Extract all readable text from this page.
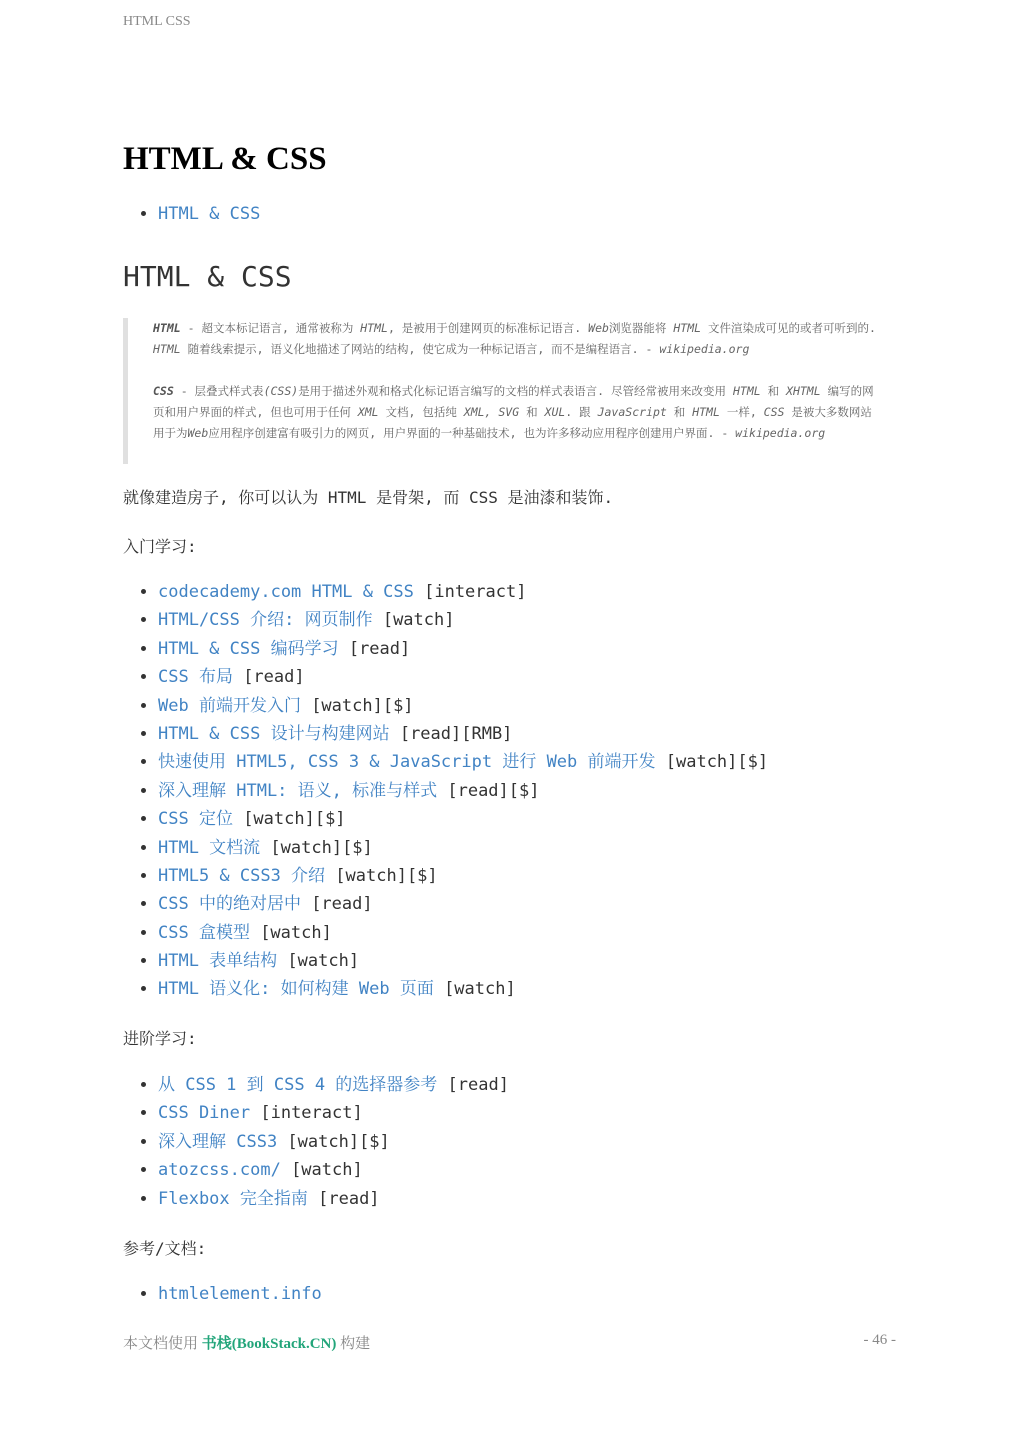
HTML CSS
HTML & CSS
• HTML & CSS
HTML & CSS

HTML - 超文本标记语言, 通常被称为 HTML, 是被用于创建网页的标准标记语言. Web浏览器能将 HTML 文件渲染成可见的或者可听到的. HTML 随着线索提示, 语义化地描述了网站的结构, 使它成为一种标记语言, 而不是编程语言. - wikipedia.org

CSS - 层叠式样式表(CSS)是用于描述外观和格式化标记语言编写的文档的样式表语言. 尽管经常被用来改变用 HTML 和 XHTML 编写的网页和用户界面的样式, 但也可用于任何 XML 文档, 包括纯 XML, SVG 和 XUL. 跟 JavaScript 和 HTML 一样, CSS 是被大多数网站用于为Web应用程序创建富有吸引力的网页, 用户界面的一种基础技术, 也为许多移动应用程序创建用户界面. - wikipedia.org

就像建造房子, 你可以认为 HTML 是骨架, 而 CSS 是油漆和装饰.

入门学习:

• codecademy.com HTML & CSS [interact]
• HTML/CSS 介绍: 网页制作 [watch]
• HTML & CSS 编码学习 [read]
• CSS 布局 [read]
• Web 前端开发入门 [watch][$]
• HTML & CSS 设计与构建网站 [read][RMB]
• 快速使用 HTML5, CSS 3 & JavaScript 进行 Web 前端开发 [watch][$]
• 深入理解 HTML: 语义, 标准与样式 [read][$]
• CSS 定位 [watch][$]
• HTML 文档流 [watch][$]
• HTML5 & CSS3 介绍 [watch][$]
• CSS 中的绝对居中 [read]
• CSS 盒模型 [watch]
• HTML 表单结构 [watch]
• HTML 语义化: 如何构建 Web 页面 [watch]

进阶学习:

• 从 CSS 1 到 CSS 4 的选择器参考 [read]
• CSS Diner [interact]
• 深入理解 CSS3 [watch][$]
• atozcss.com/ [watch]
• Flexbox 完全指南 [read]

参考/文档:

• htmlelement.info
本文档使用 书栈(BookStack.CN) 构建	- 46 -
